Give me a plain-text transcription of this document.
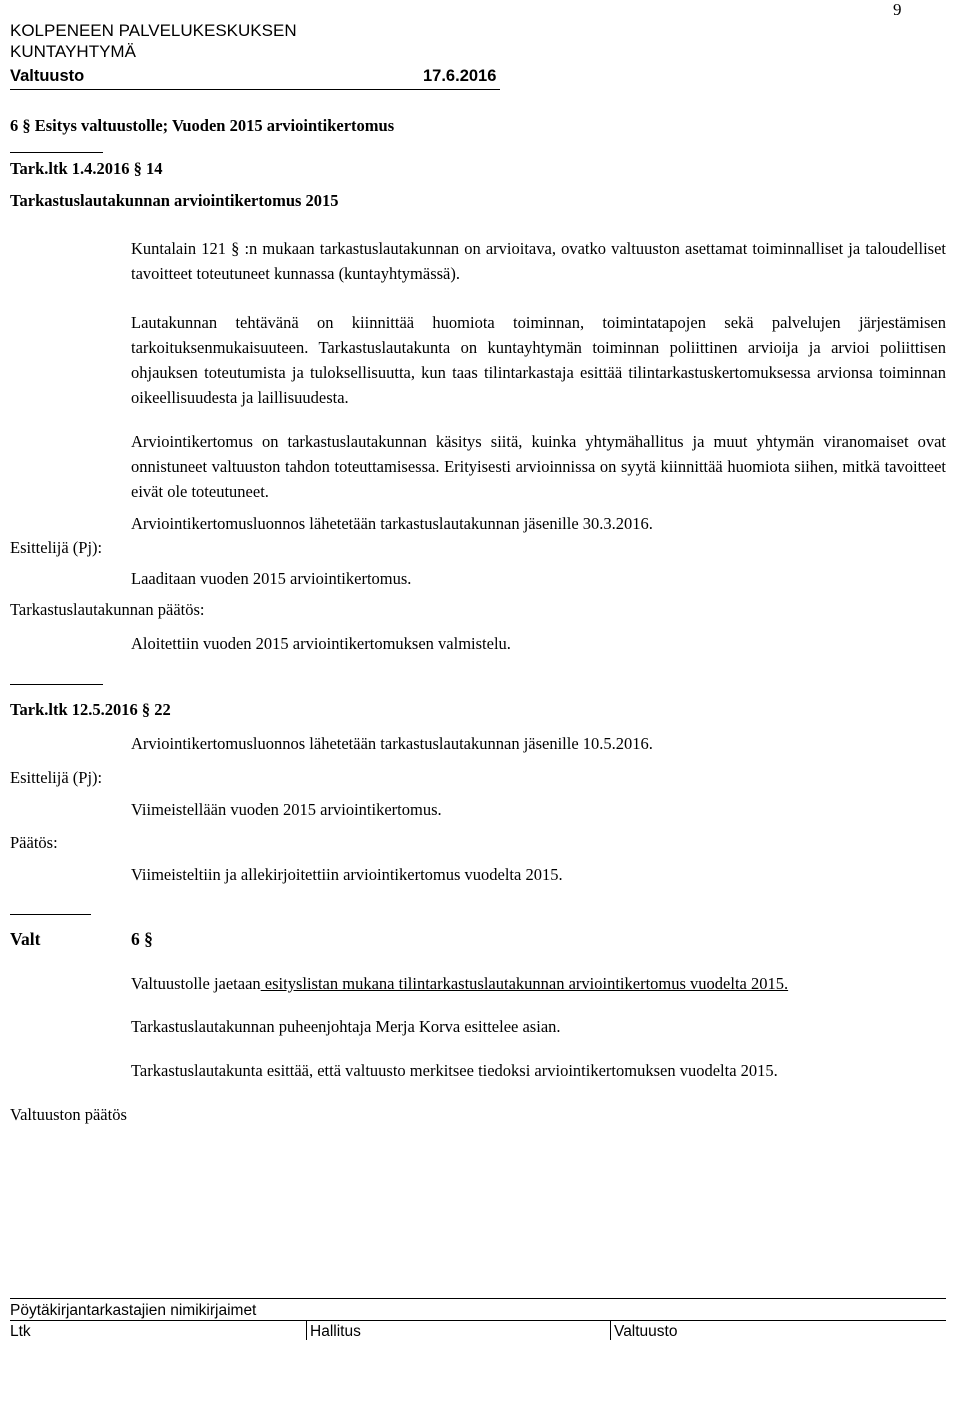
KOLPENEEN PALVELUKESKUKSEN
KUNTAYHTYMÄ
Valtuusto	17.6.2016
9
6 § Esitys valtuustolle; Vuoden 2015 arviointikertomus
Tark.ltk 1.4.2016 § 14
Tarkastuslautakunnan arviointikertomus 2015
Kuntalain 121 § :n mukaan tarkastuslautakunnan on arvioitava, ovatko valtuuston asettamat toiminnalliset ja taloudelliset tavoitteet toteutuneet kunnassa (kuntayhtymässä).
Lautakunnan tehtävänä on kiinnittää huomiota toiminnan, toimintatapojen sekä palvelujen järjestämisen tarkoituksenmukaisuuteen. Tarkastuslautakunta on kuntayhtymän toiminnan poliittinen arvioija ja arvioi poliittisen ohjauksen toteutumista ja tuloksellisuutta, kun taas tilintarkastaja esittää tilintarkastuskertomuksessa arvionsa toiminnan oikeellisuudesta ja laillisuudesta.
Arviointikertomus on tarkastuslautakunnan käsitys siitä, kuinka yhtymähallitus ja muut yhtymän viranomaiset ovat onnistuneet valtuuston tahdon toteuttamisessa. Erityisesti arvioinnissa on syytä kiinnittää huomiota siihen, mitkä tavoitteet eivät ole toteutuneet.
Arviointikertomusluonnos lähetetään tarkastuslautakunnan jäsenille 30.3.2016.
Esittelijä (Pj):
Laaditaan vuoden 2015 arviointikertomus.
Tarkastuslautakunnan päätös:
Aloitettiin vuoden 2015 arviointikertomuksen valmistelu.
Tark.ltk 12.5.2016 § 22
Arviointikertomusluonnos lähetetään tarkastuslautakunnan jäsenille 10.5.2016.
Esittelijä (Pj):
Viimeistellään vuoden 2015 arviointikertomus.
Päätös:
Viimeisteltiin ja allekirjoitettiin arviointikertomus vuodelta 2015.
Valt	6 §
Valtuustolle jaetaan esityslistan mukana tilintarkastuslautakunnan arviointikertomus vuodelta 2015.
Tarkastuslautakunnan puheenjohtaja Merja Korva esittelee asian.
Tarkastuslautakunta esittää, että valtuusto merkitsee tiedoksi arviointikertomuksen vuodelta 2015.
Valtuuston päätös
Pöytäkirjantarkastajien nimikirjaimet
Ltk	Hallitus	Valtuusto
